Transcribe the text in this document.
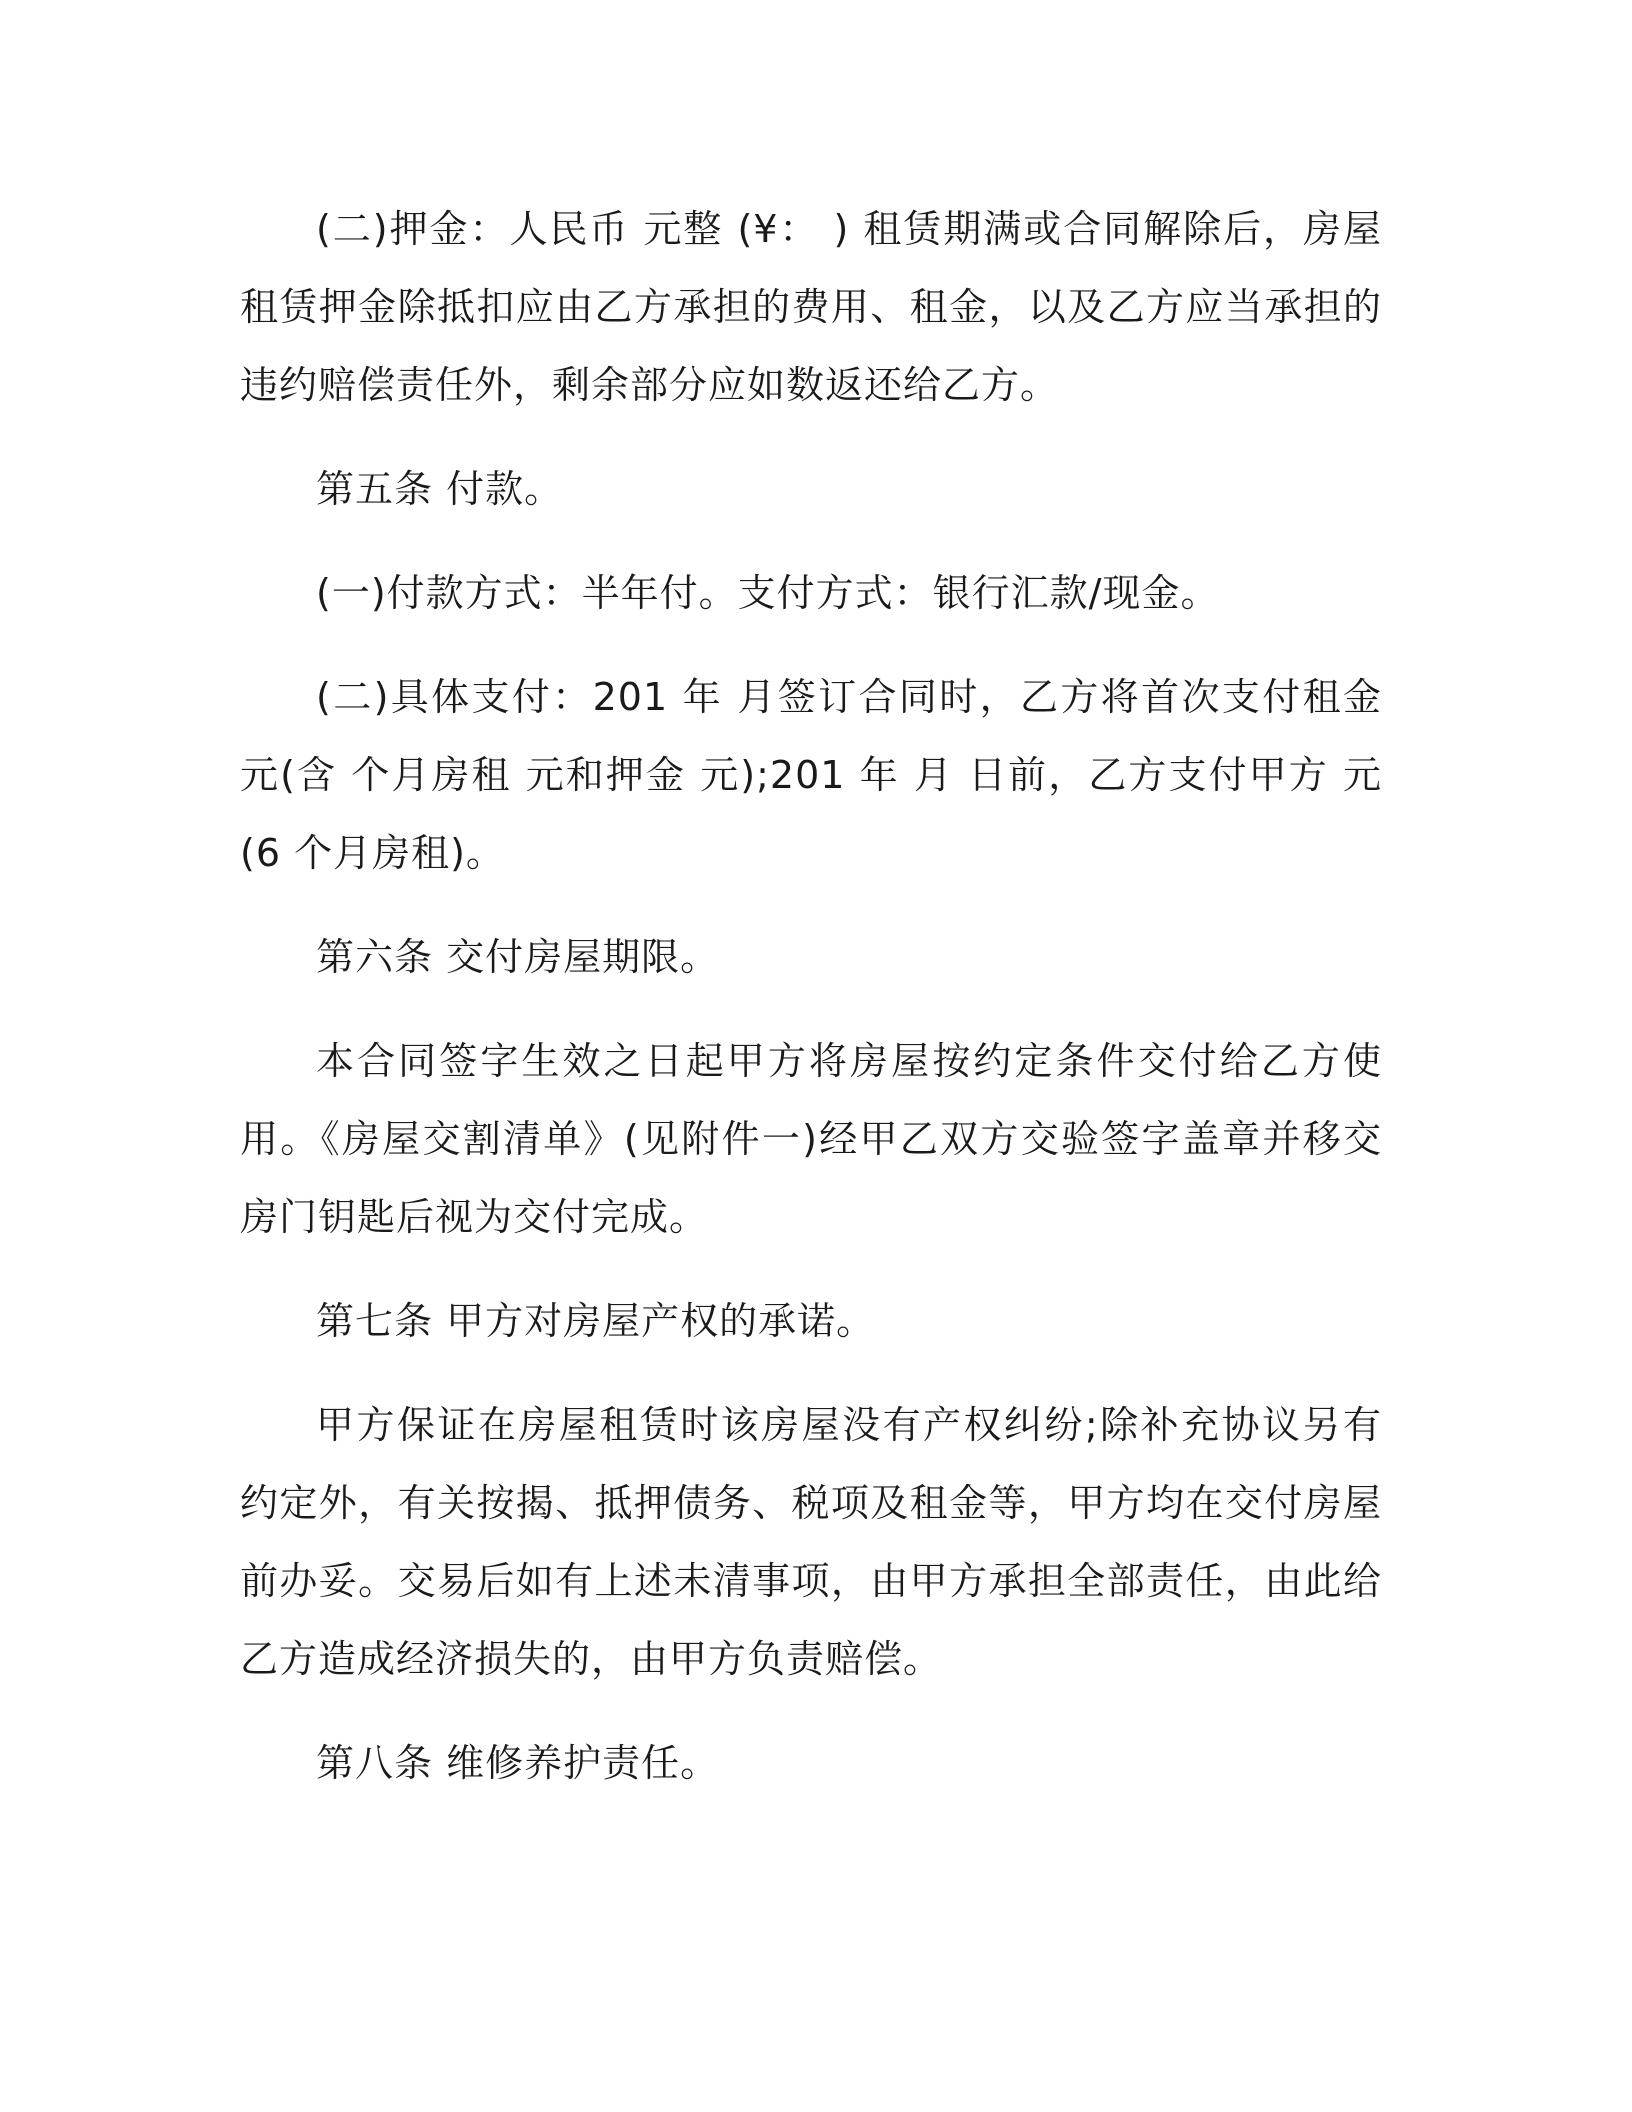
(二)押金：人民币 元整 (¥： ) 租赁期满或合同解除后，房屋租赁押金除抵扣应由乙方承担的费用、租金，以及乙方应当承担的违约赔偿责任外，剩余部分应如数返还给乙方。

第五条 付款。

(一)付款方式：半年付。支付方式：银行汇款/现金。

(二)具体支付：201 年 月签订合同时，乙方将首次支付租金 元(含 个月房租 元和押金 元);201 年 月 日前，乙方支付甲方 元(6 个月房租)。

第六条 交付房屋期限。

本合同签字生效之日起甲方将房屋按约定条件交付给乙方使用。《房屋交割清单》(见附件一)经甲乙双方交验签字盖章并移交房门钥匙后视为交付完成。

第七条 甲方对房屋产权的承诺。

甲方保证在房屋租赁时该房屋没有产权纠纷;除补充协议另有约定外，有关按揭、抵押债务、税项及租金等，甲方均在交付房屋前办妥。交易后如有上述未清事项，由甲方承担全部责任，由此给乙方造成经济损失的，由甲方负责赔偿。

第八条 维修养护责任。
